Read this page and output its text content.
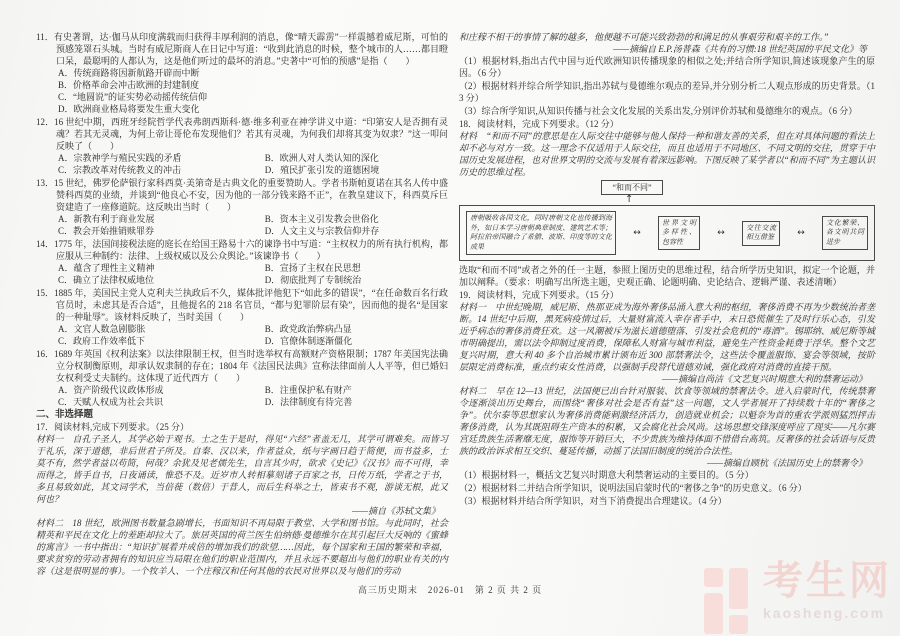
11．有史著谓，达·伽马从印度满载而归获得丰厚利润的消息，像“晴天霹雳”一样震撼着威尼斯，可怕的预感笼罩石头城。当时有威尼斯商人在日记中写道：“收到此消息的时候，整个城市的人……都目瞪口呆，最聪明的人都认为，这是他们听过的最坏的消息。”史著中“可怕的预感”是指（　　）
A．传统商路将因新航路开辟而中断
B．价格革命会冲击欧洲的封建制度
C．“地圆说”的证实势必动摇传统信仰
D．欧洲商业格局将要发生重大变化
12．16 世纪中期，西班牙经院哲学代表弗朗西斯科·德·维多利亚在神学讲义中道：“印第安人是否拥有灵魂？若其无灵魂，为何上帝让哥伦布发现他们？若其有灵魂，为何我们却将其变为奴隶？”这一叩问反映了（　　）
A．宗教神学与殖民实践的矛盾	B．欧洲人对人类认知的深化
C．宗教改革对传统教义的冲击	D．殖民扩张引发的道德困境
13．15 世纪，佛罗伦萨银行家科西莫·美第奇是古典文化的重要赞助人。学者书斯帕夏诺在其名人传中盛赞科西莫的业绩，并谈到“他良心不安，因为他的一部分钱来路不正”，在教皇建议下，科西莫斥巨资建造了一座修道院。这反映出当时（　　）
A．新教有利于商业发展	B．资本主义引发教会世俗化
C．教会开始推销赎罪券	D．人文主义与宗教信仰并存
14．1775 年，法国间接税法庭的庭长在给国王路易十六的谏诤书中写道：“主权权力的所有执行机构，都应服从三种制约：法律、上级权威以及公众舆论。”该谏诤书（　　）
A．蕴含了理性主义精神	B．宣扬了主权在民思想
C．确立了法律权威地位	D．彻底批判了专制统治
15．1885 年，美国民主党人克利夫兰执政后不久，媒体批评他犯下“如此多的错误”，“在任命数百名行政官员时，未虑其是否合适”，且他提名的 218 名官员，“都与犯罪阶层有染”，因而他的提名“是国家的一种耻辱”。该材料反映了，当时美国（　　）
A．文官人数急剧膨胀	B．政党政治弊病凸显
C．政府工作效率低下	D．官僚体制逐渐僵化
16．1689 年英国《权利法案》以法律限制王权，但当时选举权有高额财产资格限制；1787 年美国宪法确立分权制衡原则，却承认奴隶制的存在；1804 年《法国民法典》宣称法律面前人人平等，但已婚妇女权利受丈夫制约。这体现了近代西方（　　）
A．资产阶级代议政体形成	B．注重保护私有财产
C．天赋人权成为社会共识	D．法律制度有待完善
二、非选择题
17．阅读材料,完成下列要求。（25 分）
材料一　自孔子圣人，其学必始于观书。士之生于是时，得见“六经”者盖无几，其学可谓难矣。而皆习于礼乐，深于道德，非后世君子所及。自秦、汉以来，作者益众，纸与字画日趋于简便，而书益多，士莫不有，然学者益以苟简，何哉？余犹及见老儒先生，自言其少时，欲求《史记》《汉书》而不可得，幸而得之，皆手自书，日夜诵读，惟恐不及。近岁市人转相摹刻诸子百家之书，日传万纸，学者之于书，多且易致如此，其文词学术，当倍蓰（数倍）于昔人，而后生科举之士，皆束书不观，游谈无根，此又何也？
——摘自《苏轼文集》
材料二　18 世纪，欧洲图书数量急剧增长，书面知识不再局限于教堂、大学和图书馆。与此同时，社会精英和平民在文化上的差距却拉大了。旅居英国的荷兰医生伯纳德·曼德维尔在其引起巨大反响的《蜜蜂的寓言》一书中指出：“知识扩展着并成倍的增加我们的欲望……因此，每个国家和王国的繁荣和幸福，要求贫穷的劳动者拥有的知识应当局限在他们的职业范围内，并且永远不要超出与他们的职业有关的内容（这是很明显的事）。一个牧羊人、一个庄稼汉和任何其他的农民对世界以及与他们的劳动
和庄稼不相干的事情了解的越多，他便越不可能兴致勃勃的和满足的从事艰劳和艰辛的工作。”
——摘编自 E.P.汤普森《共有的习惯:18 世纪英国的平民文化》等
（1）根据材料,指出古代中国与近代欧洲知识传播现象的相似之处;并结合所学知识,简述该现象产生的原因。（6 分）
（2）根据材料并综合所学知识,指出苏轼与曼德维尔观点的差异,并分别分析二人观点形成的历史背景。（13 分）
（3）综合所学知识,从知识传播与社会文化发展的关系出发,分别评价苏轼和曼德维尔的观点。（6 分）
18．阅读材料，完成下列要求。（12 分）
材料　“和而不同”的意思是在人际交往中能够与他人保持一种和谐友善的关系，但在对具体问题的看法上却不必与对方一致。这一理念不仅适用于人际交往，而且也适用于不同地区、不同文明的交往，贯穿于中国历史发展进程，也对世界文明的交流与发展有着深远影响。下图反映了某学者以“和而不同”为主题认识历史的思维过程。
“和而不同”
↑
唐朝吸收各国文化，同时唐朝文化也传播到海外，如日本学习唐朝典章制度、建筑艺术等；阿拉伯帝国融合了希腊、波斯、印度等的文化成果
↔
世界文明多样性、包容性
↔
交往交流相互借鉴	↔
文化繁荣、各文明共同进步
选取“和而不同”或者之外的任一主题，参照上图历史的思维过程，结合所学历史知识，拟定一个论题，并加以阐释。（要求：明确写出所选主题，史观正确、论题明确、史论结合、逻辑严谨、表述清晰）
19．阅读材料，完成下列要求。（15 分）
材料一　中世纪晚期，威尼斯、热那亚成为海外奢侈品涌入意大利的枢纽，奢侈消费不再为少数统治者垄断。14 世纪中后期，黑死病疫情过后，大量财富流入幸存者手中，末日恐慌催生了及时行乐心态，引发近乎病态的奢侈消费狂欢。这一风潮被斥为滋长道德堕落、引发社会危机的“毒酒”。锡耶纳、威尼斯等城市明确提出，需以法令抑制过度消费，保障私人财富与城市利益，避免生产性资金耗费于浮华。整个文艺复兴时期，意大利 40 多个自治城市累计颁布近 300 部禁奢法令，这些法令覆盖服饰、宴会等领域，按阶层限定消费标准，重点约束女性消费，以强制手段替代道德劝诫，强化政府对消费的直接干预。
——摘编自尚洁《文艺复兴时期意大利的禁奢运动》
材料二　早在 12—13 世纪，法国便已出台针对服装、饮食等领域的禁奢法令。进入启蒙时代，传统禁奢令逐渐淡出历史舞台，而围绕“奢侈对社会是否有益”这一问题，文人学者展开了持续数十年的“奢侈之争”。伏尔泰等思想家认为奢侈消费能刺激经济活力，创造就业机会；以魁奈为首的重农学派则猛烈抨击奢侈消费，认为其既阻碍生产资本的积累，又会腐化社会风尚。这场思想交锋深度呼应了现实——凡尔赛宫廷贵族生活奢靡无度，服饰等开销巨大，不少贵族为维持体面不惜借台高筑。反奢侈的社会话语与反贵族的政治诉求相互交织、蔓延传播，动摇了法国旧制度的统治合法性。
——摘编自顾杭《法国历史上的禁奢令》
（1）根据材料一，概括文艺复兴时期意大利禁奢运动的主要目的。（5 分）
（2）根据材料二并结合所学知识，说明法国启蒙时代的“奢侈之争”的历史意义。（6 分）
（3）根据材料并结合所学知识，对当下消费提出合理建议。（4 分）
高三历史期末　2026-01　第 2 页 共 2 页	考生网
kaosheng.com
